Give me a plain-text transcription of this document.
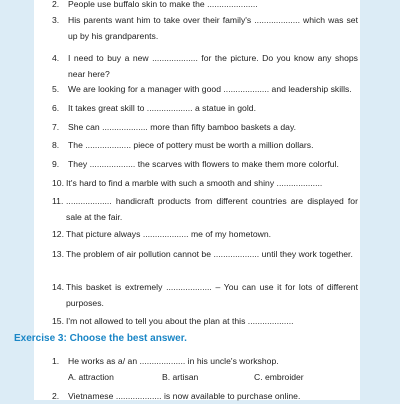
2. People use buffalo skin to make the .....................
3. His parents want him to take over their family's ................... which was set up by his grandparents.
4. I need to buy a new ................... for the picture. Do you know any shops near here?
5. We are looking for a manager with good ................... and leadership skills.
6. It takes great skill to ................... a statue in gold.
7. She can ................... more than fifty bamboo baskets a day.
8. The ................... piece of pottery must be worth a million dollars.
9. They ................... the scarves with flowers to make them more colorful.
10. It's hard to find a marble with such a smooth and shiny ...................
11. ................... handicraft products from different countries are displayed for sale at the fair.
12. That picture always ................... me of my hometown.
13. The problem of air pollution cannot be ................... until they work together.
14. This basket is extremely ................... – You can use it for lots of different purposes.
15. I'm not allowed to tell you about the plan at this ...................
Exercise 3: Choose the best answer.
1. He works as a/ an ................... in his uncle's workshop.
A. attraction	B. artisan	C. embroider
2. Vietnamese ................... is now available to purchase online.
